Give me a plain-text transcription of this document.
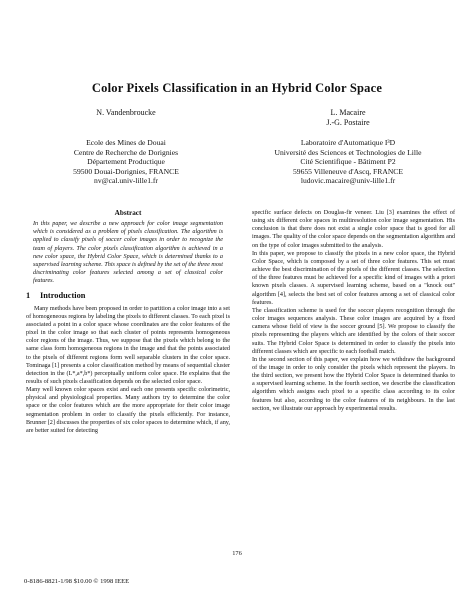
Color Pixels Classification in an Hybrid Color Space
N. Vandenbroucke	L. Macaire
J.-G. Postaire
Ecole des Mines de Douai
Centre de Recherche de Dorignies
Département Productique
59500 Douai-Dorignies, FRANCE
nv@cal.univ-lille1.fr
Laboratoire d'Automatique I³D
Université des Sciences et Technologies de Lille
Cité Scientifique - Bâtiment P2
59655 Villeneuve d'Ascq, FRANCE
ludovic.macaire@univ-lille1.fr
Abstract

In this paper, we describe a new approach for color image segmentation which is considered as a problem of pixels classification. The algorithm is applied to classify pixels of soccer color images in order to recognize the team of players. The color pixels classification algorithm is achieved in a new color space, the Hybrid Color Space, which is determined thanks to a supervised learning scheme. This space is defined by the set of the three most discriminating color features selected among a set of classical color features.

1 Introduction

Many methods have been proposed in order to partition a color image into a set of homogeneous regions by labeling the pixels to different classes. To each pixel is associated a point in a color space whose coordinates are the color features of the pixel in the color image so that each cluster of points represents homogeneous color regions of the image. Thus, we suppose that the pixels which belong to the same class form homogeneous regions in the image and that the points associated to the pixels of different regions form well separable clusters in the color space. Tominaga [1] presents a color classification method by means of sequential cluster detection in the (L*,a*,b*) perceptually uniform color space. He explains that the results of such pixels classification depends on the selected color space.

Many well known color spaces exist and each one presents specific colorimetric, physical and physiological properties. Many authors try to determine the color space or the color features which are the more appropriate for their color image segmentation problem in order to classify the pixels efficiently. For instance, Brunner [2] discusses the properties of six color spaces to determine which, if any, are better suited for detecting

specific surface defects on Douglas-fir veneer. Liu [3] examines the effect of using six different color spaces in multiresolution color image segmentation. His conclusion is that there does not exist a single color space that is good for all images. The quality of the color space depends on the segmentation algorithm and on the type of color images submitted to the analysis.

In this paper, we propose to classify the pixels in a new color space, the Hybrid Color Space, which is composed by a set of three color features. This set must achieve the best discrimination of the pixels of the different classes. The selection of the three features must be achieved for a specific kind of images with a priori known pixels classes. A supervised learning scheme, based on a "knock out" algorithm [4], selects the best set of color features among a set of classical color features.

The classification scheme is used for the soccer players recognition through the color images sequences analysis. These color images are acquired by a fixed camera whose field of view is the soccer ground [5]. We propose to classify the pixels representing the players which are identified by the colors of their soccer suits. The Hybrid Color Space is determined in order to classify the pixels into different classes which are specific to each football match.

In the second section of this paper, we explain how we withdraw the background of the image in order to only consider the pixels which represent the players. In the third section, we present how the Hybrid Color Space is determined thanks to a supervised learning scheme. In the fourth section, we describe the classification algorithm which assigns each pixel to a specific class according to its color features but also, according to the color features of its neighbours. In the last section, we illustrate our approach by experimental results.

176
0-8186-8821-1/98 $10.00 © 1998 IEEE
